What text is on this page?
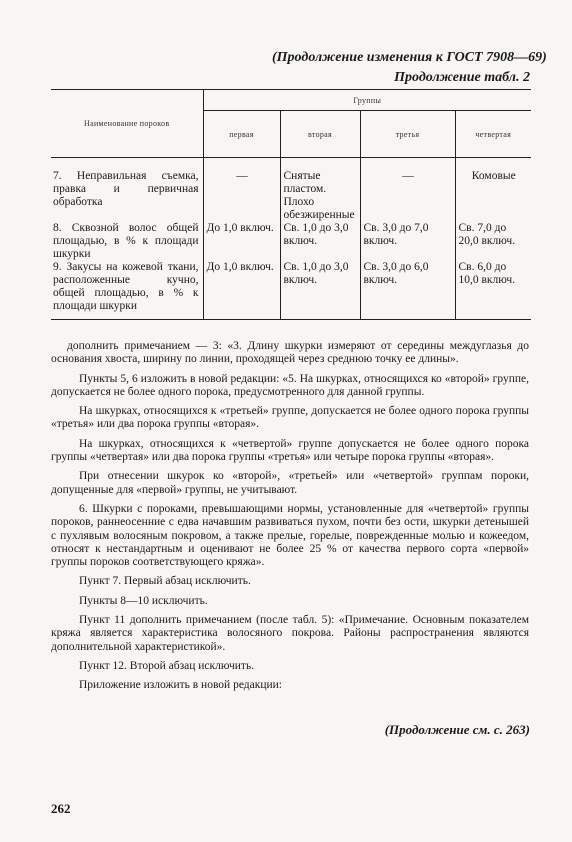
(Продолжение изменения к ГОСТ 7908—69)
Продолжение табл. 2
Наименование пороков	Группы			
	первая	вторая	третья	четвертая

7. Неправильная съемка, правка и первичная обработка	—	Снятые пластом. Плохо обезжиренные	—	Комовые
8. Сквозной волос общей площадью, в % к площади шкурки	До 1,0 включ.	Св. 1,0 до 3,0 включ.	Св. 3,0 до 7,0 включ.	Св. 7,0 до 20,0 включ.
9. Закусы на кожевой ткани, расположенные кучно, общей площадью, в % к площади шкурки	До 1,0 включ.	Св. 1,0 до 3,0 включ.	Св. 3,0 до 6,0 включ.	Св. 6,0 до 10,0 включ.

дополнить примечанием — 3: «3. Длину шкурки измеряют от середины междуглазья до основания хвоста, ширину по линии, проходящей через среднюю точку ее длины».

Пункты 5, 6 изложить в новой редакции: «5. На шкурках, относящихся ко «второй» группе, допускается не более одного порока, предусмотренного для данной группы.

На шкурках, относящихся к «третьей» группе, допускается не более одного порока группы «третья» или два порока группы «вторая».

На шкурках, относящихся к «четвертой» группе допускается не более одного порока группы «четвертая» или два порока группы «третья» или четыре порока группы «вторая».

При отнесении шкурок ко «второй», «третьей» или «четвертой» группам пороки, допущенные для «первой» группы, не учитывают.

6. Шкурки с пороками, превышающими нормы, установленные для «четвертой» группы пороков, раннеосенние с едва начавшим развиваться пухом, почти без ости, шкурки детенышей с пухлявым волосяным покровом, а также прелые, горелые, поврежденные молью и кожеедом, относят к нестандартным и оценивают не более 25 % от качества первого сорта «первой» группы пороков соответствующего кряжа».

Пункт 7. Первый абзац исключить.

Пункты 8—10 исключить.

Пункт 11 дополнить примечанием (после табл. 5): «Примечание. Основным показателем кряжа является характеристика волосяного покрова. Районы распространения являются дополнительной характеристикой».

Пункт 12. Второй абзац исключить.

Приложение изложить в новой редакции:

(Продолжение см. с. 263)
262
